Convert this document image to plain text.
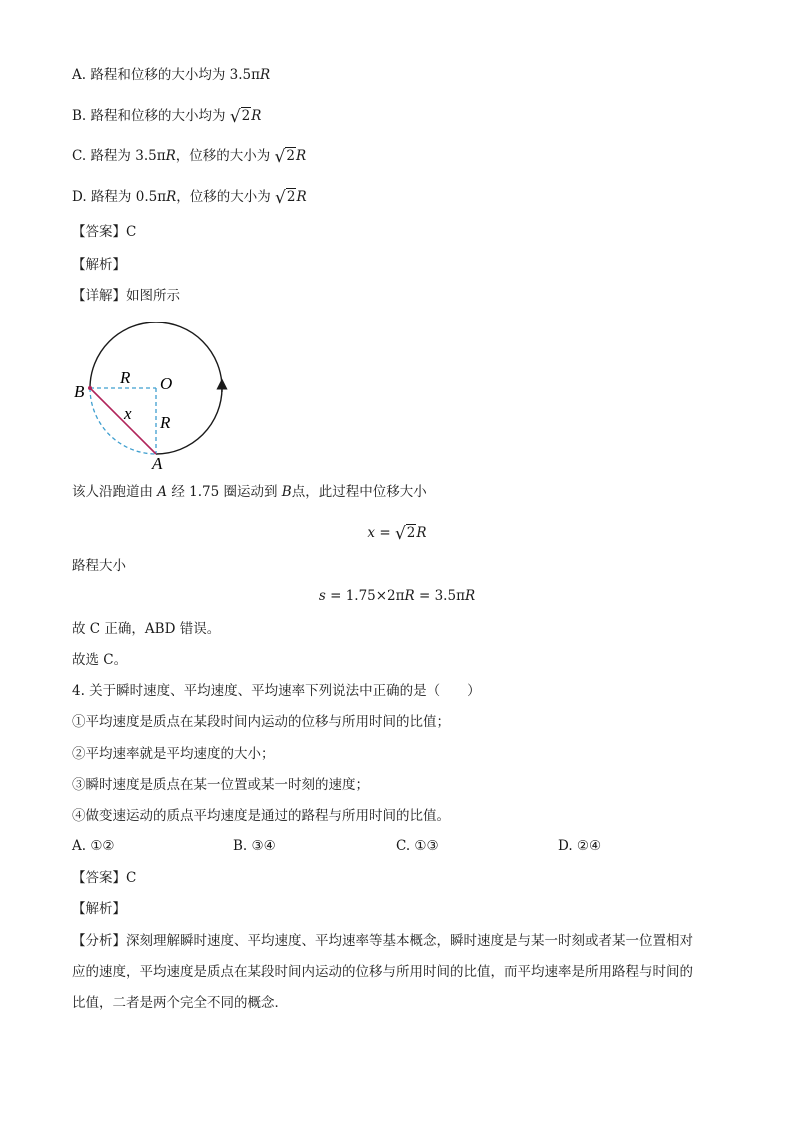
A. 路程和位移的大小均为 3.5πR
B. 路程和位移的大小均为 √2R
C. 路程为 3.5πR，位移的大小为 √2R
D. 路程为 0.5πR，位移的大小为 √2R
【答案】C
【解析】
【详解】如图所示
B	O
A
R
R
x
该人沿跑道由 A 经 1.75 圈运动到 B点，此过程中位移大小
x = √2R
路程大小
s = 1.75×2πR = 3.5πR
故 C 正确，ABD 错误。
故选 C。
4. 关于瞬时速度、平均速度、平均速率下列说法中正确的是（　　）
①平均速度是质点在某段时间内运动的位移与所用时间的比值；
②平均速率就是平均速度的大小；
③瞬时速度是质点在某一位置或某一时刻的速度；
④做变速运动的质点平均速度是通过的路程与所用时间的比值。
A. ①②	B. ③④	C. ①③	D. ②④
【答案】C
【解析】
【分析】深刻理解瞬时速度、平均速度、平均速率等基本概念，瞬时速度是与某一时刻或者某一位置相对
应的速度，平均速度是质点在某段时间内运动的位移与所用时间的比值，而平均速率是所用路程与时间的
比值，二者是两个完全不同的概念．
